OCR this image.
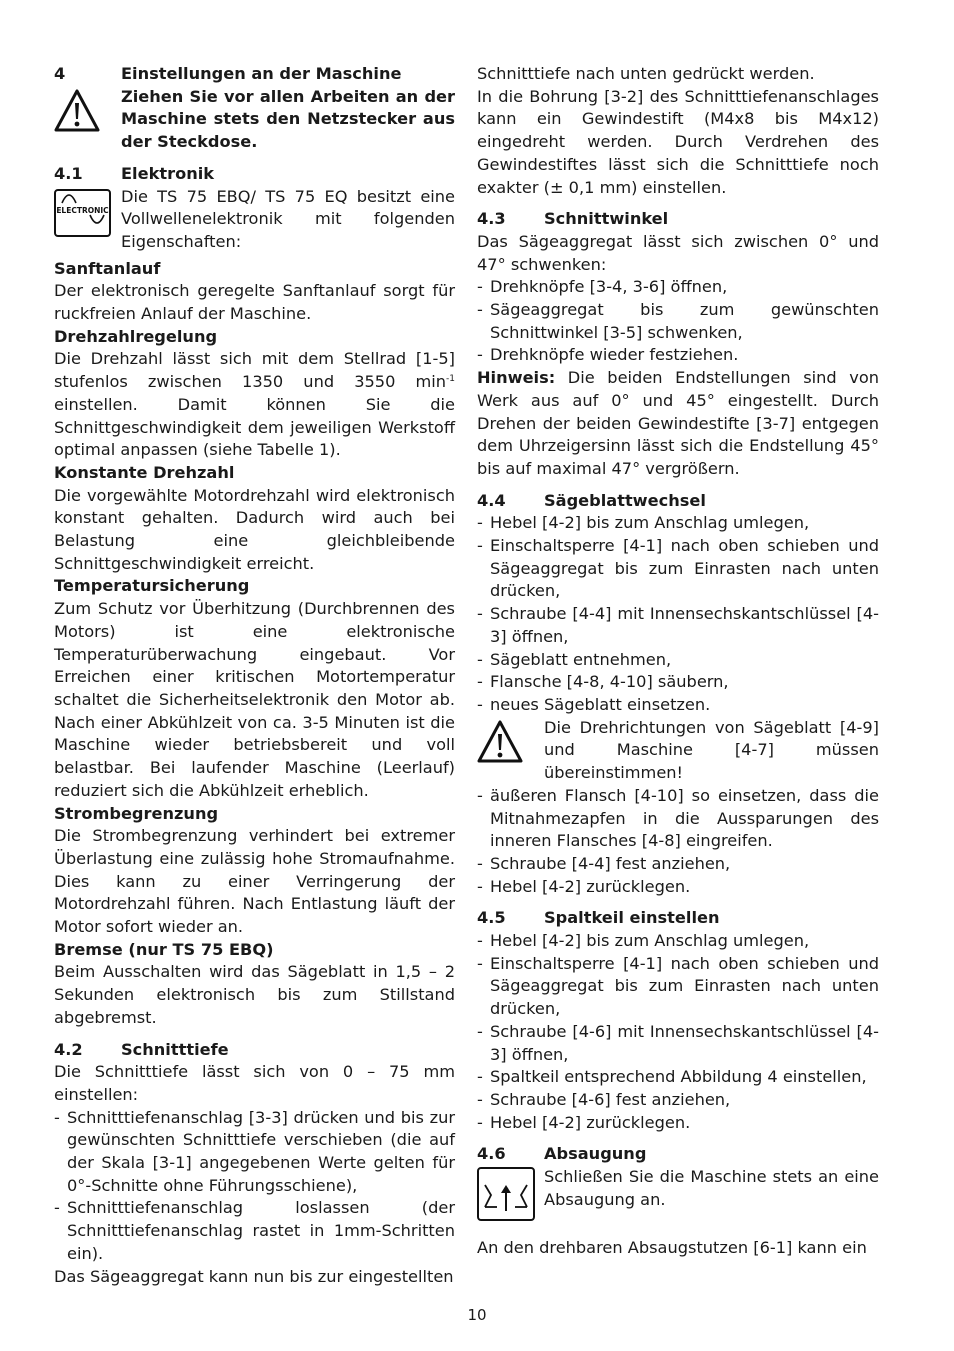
4	Einstellungen an der Maschine

Ziehen Sie vor allen Arbeiten an der Maschine stets den Netzstecker aus der Steckdose.

4.1	Elektronik
ELECTRONIC

Die TS 75 EBQ/ TS 75 EQ besitzt eine Vollwellenelektronik mit folgenden Eigenschaften:

Sanftanlauf

Der elektronisch geregelte Sanftanlauf sorgt für ruckfreien Anlauf der Maschine.

Drehzahlregelung

Die Drehzahl lässt sich mit dem Stellrad [1-5] stufenlos zwischen 1350 und 3550 $\min^{-1}$ einstellen. Damit können Sie die Schnittgeschwindigkeit dem jeweiligen Werkstoff optimal anpassen (siehe Tabelle 1).

Konstante Drehzahl

Die vorgewählte Motordrehzahl wird elektronisch konstant gehalten. Dadurch wird auch bei Belastung eine gleichbleibende Schnittgeschwindigkeit erreicht.

Temperatursicherung

Zum Schutz vor Überhitzung (Durchbrennen des Motors) ist eine elektronische Temperaturüberwachung eingebaut. Vor Erreichen einer kritischen Motortemperatur schaltet die Sicherheitselektronik den Motor ab. Nach einer Abkühlzeit von ca. 3-5 Minuten ist die Maschine wieder betriebsbereit und voll belastbar. Bei laufender Maschine (Leerlauf) reduziert sich die Abkühlzeit erheblich.

Strombegrenzung

Die Strombegrenzung verhindert bei extremer Überlastung eine zulässig hohe Stromaufnahme. Dies kann zu einer Verringerung der Motordrehzahl führen. Nach Entlastung läuft der Motor sofort wieder an.

Bremse (nur TS 75 EBQ)

Beim Ausschalten wird das Sägeblatt in 1,5 – 2 Sekunden elektronisch bis zum Stillstand abgebremst.

4.2	Schnitttiefe

Die Schnitttiefe lässt sich von 0 – 75 mm einstellen:

- Schnitttiefenanschlag [3-3] drücken und bis zur gewünschten Schnitttiefe verschieben (die auf der Skala [3-1] angegebenen Werte gelten für 0°-Schnitte ohne Führungsschiene),
- Schnitttiefenanschlag loslassen (der Schnitttiefenanschlag rastet in 1mm-Schritten ein).

Das Sägeaggregat kann nun bis zur eingestellten

Schnitttiefe nach unten gedrückt werden.

In die Bohrung [3-2] des Schnitttiefenanschlages kann ein Gewindestift (M4x8 bis M4x12) eingedreht werden. Durch Verdrehen des Gewindestiftes lässt sich die Schnitttiefe noch exakter (± 0,1 mm) einstellen.

4.3	Schnittwinkel

Das Sägeaggregat lässt sich zwischen 0° und 47° schwenken:

- Drehknöpfe [3-4, 3-6] öffnen,
- Sägeaggregat bis zum gewünschten Schnittwinkel [3-5] schwenken,
- Drehknöpfe wieder festziehen.

Hinweis: Die beiden Endstellungen sind von Werk aus auf 0° und 45° eingestellt. Durch Drehen der beiden Gewindestifte [3-7] entgegen dem Uhrzeigersinn lässt sich die Endstellung 45° bis auf maximal 47° vergrößern.

4.4	Sägeblattwechsel
- Hebel [4-2] bis zum Anschlag umlegen,
- Einschaltsperre [4-1] nach oben schieben und Sägeaggregat bis zum Einrasten nach unten drücken,
- Schraube [4-4] mit Innensechskantschlüssel [4-3] öffnen,
- Sägeblatt entnehmen,
- Flansche [4-8, 4-10] säubern,
- neues Sägeblatt einsetzen.

Die Drehrichtungen von Sägeblatt [4-9] und Maschine [4-7] müssen übereinstimmen!

- äußeren Flansch [4-10] so einsetzen, dass die Mitnahmezapfen in die Aussparungen des inneren Flansches [4-8] eingreifen.
- Schraube [4-4] fest anziehen,
- Hebel [4-2] zurücklegen.
4.5	Spaltkeil einstellen
- Hebel [4-2] bis zum Anschlag umlegen,
- Einschaltsperre [4-1] nach oben schieben und Sägeaggregat bis zum Einrasten nach unten drücken,
- Schraube [4-6] mit Innensechskantschlüssel [4-3] öffnen,
- Spaltkeil entsprechend Abbildung 4 einstellen,
- Schraube [4-6] fest anziehen,
- Hebel [4-2] zurücklegen.
4.6	Absaugung

Schließen Sie die Maschine stets an eine Absaugung an.

An den drehbaren Absaugstutzen [6-1] kann ein

10
